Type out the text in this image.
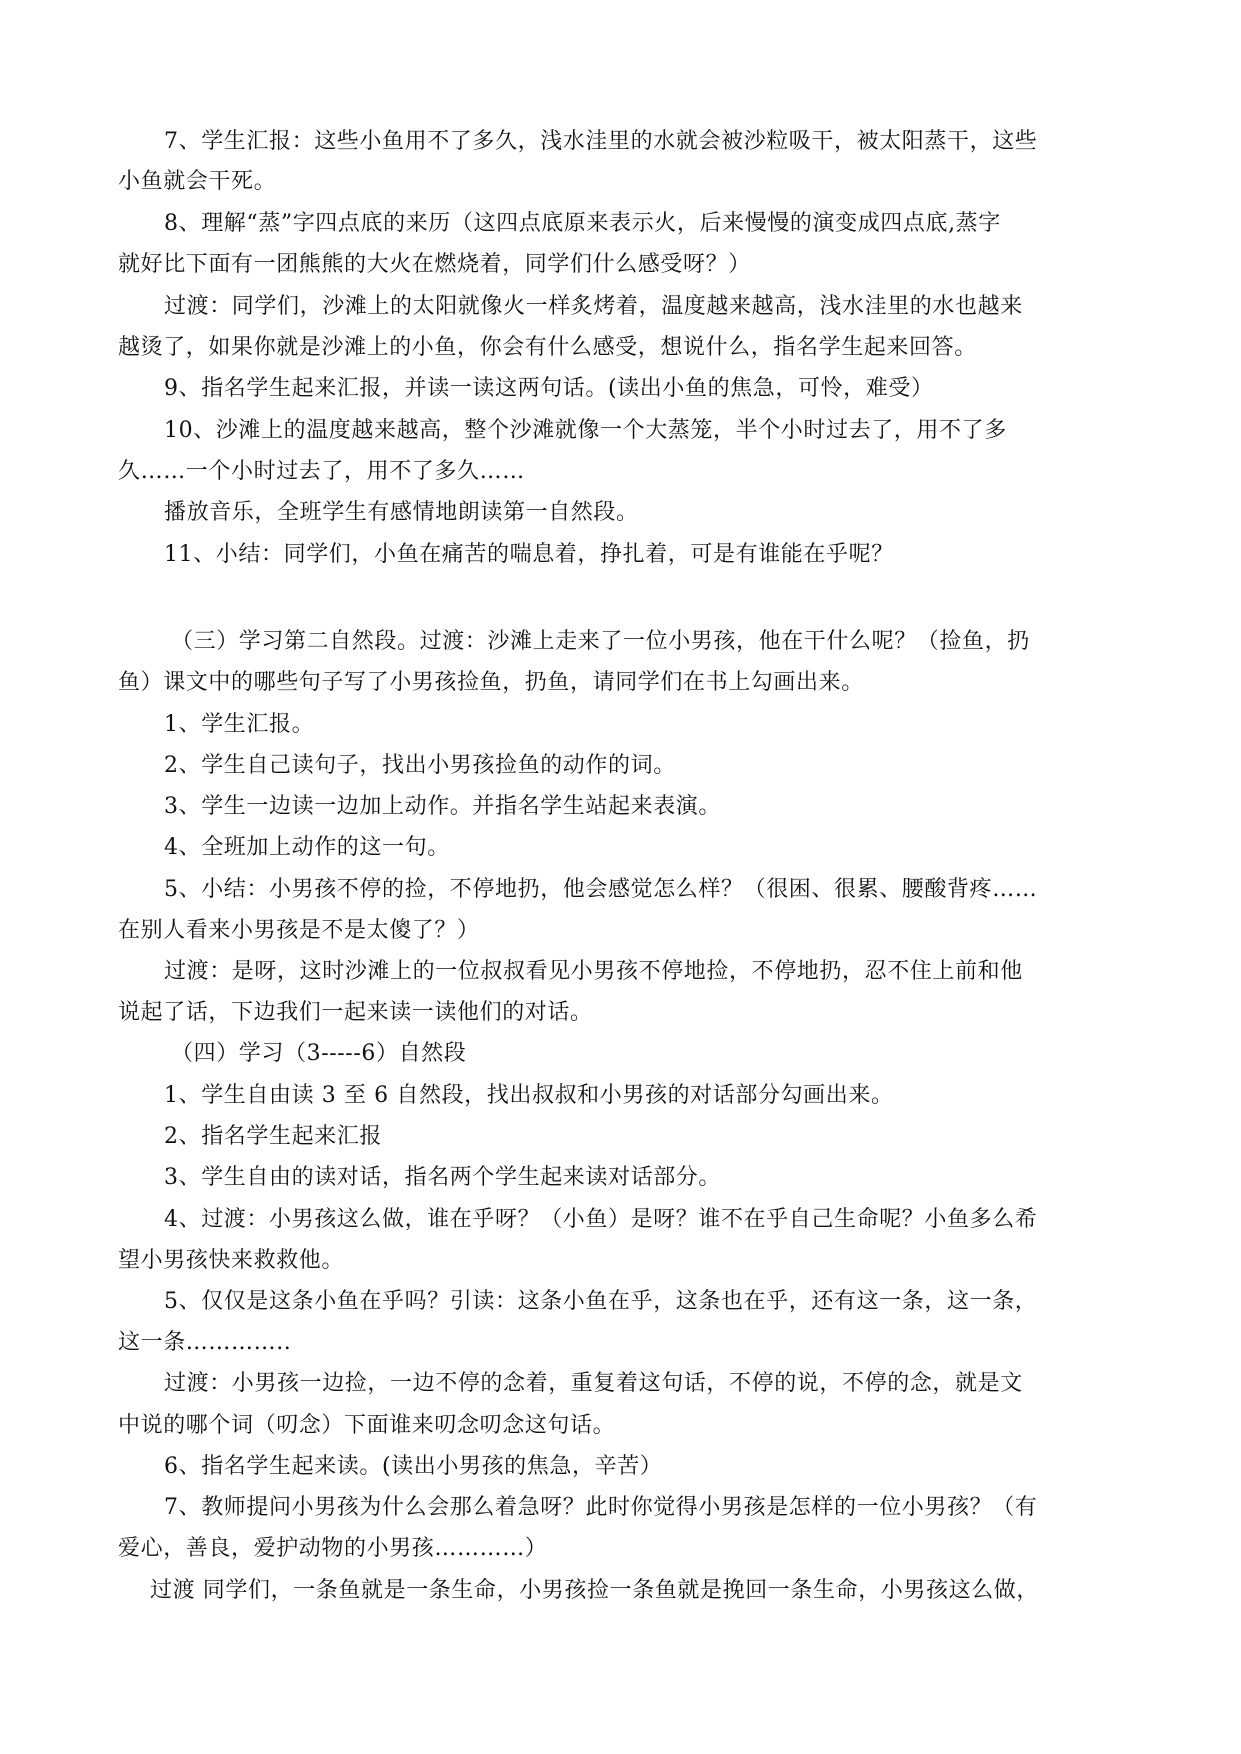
7、学生汇报：这些小鱼用不了多久，浅水洼里的水就会被沙粒吸干，被太阳蒸干，这些
小鱼就会干死。
8、理解“蒸”字四点底的来历（这四点底原来表示火，后来慢慢的演变成四点底,蒸字
就好比下面有一团熊熊的大火在燃烧着，同学们什么感受呀？）
过渡：同学们，沙滩上的太阳就像火一样炙烤着，温度越来越高，浅水洼里的水也越来
越烫了，如果你就是沙滩上的小鱼，你会有什么感受，想说什么，指名学生起来回答。
9、指名学生起来汇报，并读一读这两句话。(读出小鱼的焦急，可怜，难受）
10、沙滩上的温度越来越高，整个沙滩就像一个大蒸笼，半个小时过去了，用不了多
久……一个小时过去了，用不了多久……
播放音乐，全班学生有感情地朗读第一自然段。
11、小结：同学们，小鱼在痛苦的喘息着，挣扎着，可是有谁能在乎呢？
（三）学习第二自然段。过渡：沙滩上走来了一位小男孩，他在干什么呢？（捡鱼，扔
鱼）课文中的哪些句子写了小男孩捡鱼，扔鱼，请同学们在书上勾画出来。
1、学生汇报。
2、学生自己读句子，找出小男孩捡鱼的动作的词。
3、学生一边读一边加上动作。并指名学生站起来表演。
4、全班加上动作的这一句。
5、小结：小男孩不停的捡，不停地扔，他会感觉怎么样？（很困、很累、腰酸背疼……
在别人看来小男孩是不是太傻了？）
过渡：是呀，这时沙滩上的一位叔叔看见小男孩不停地捡，不停地扔，忍不住上前和他
说起了话，下边我们一起来读一读他们的对话。
（四）学习（3-----6）自然段
1、学生自由读 3 至 6 自然段，找出叔叔和小男孩的对话部分勾画出来。
2、指名学生起来汇报
3、学生自由的读对话，指名两个学生起来读对话部分。
4、过渡：小男孩这么做，谁在乎呀？（小鱼）是呀？谁不在乎自己生命呢？小鱼多么希
望小男孩快来救救他。
5、仅仅是这条小鱼在乎吗？引读：这条小鱼在乎，这条也在乎，还有这一条，这一条，
这一条…………..
过渡：小男孩一边捡，一边不停的念着，重复着这句话，不停的说，不停的念，就是文
中说的哪个词（叨念）下面谁来叨念叨念这句话。
6、指名学生起来读。(读出小男孩的焦急，辛苦）
7、教师提问小男孩为什么会那么着急呀？此时你觉得小男孩是怎样的一位小男孩？（有
爱心，善良，爱护动物的小男孩…………）
过渡 同学们，一条鱼就是一条生命，小男孩捡一条鱼就是挽回一条生命，小男孩这么做，
